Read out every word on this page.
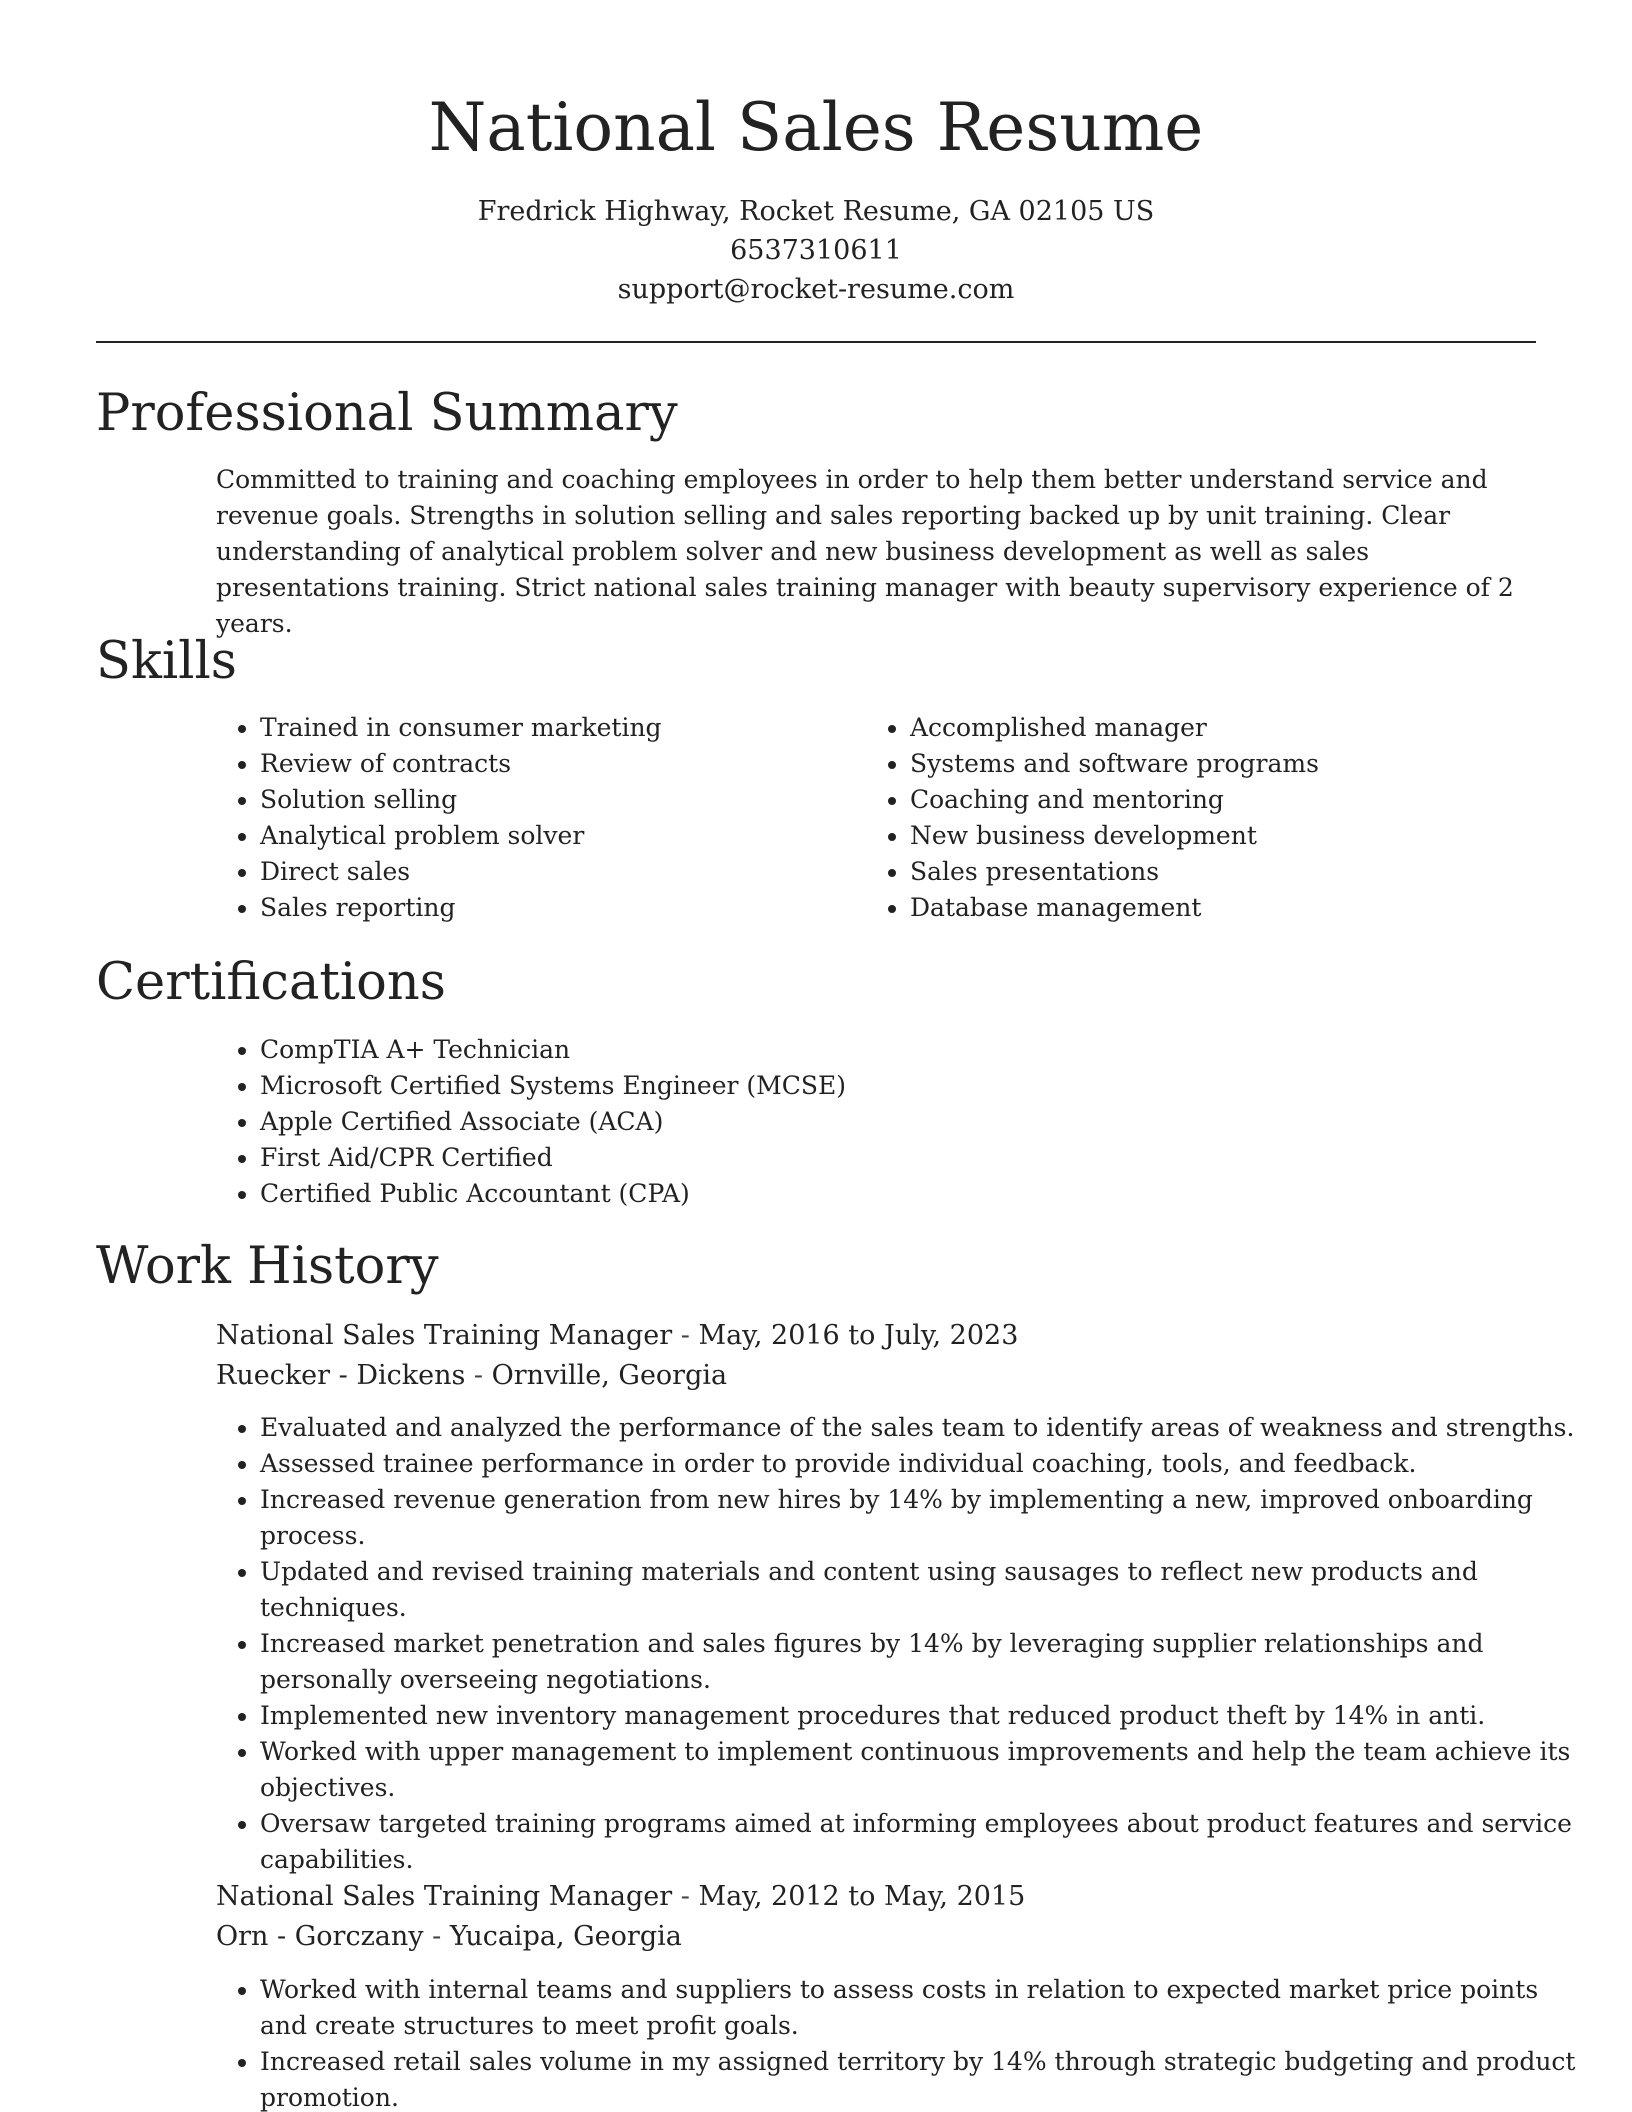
National Sales Resume
Fredrick Highway, Rocket Resume, GA 02105 US
6537310611
support@rocket-resume.com
Professional Summary
Committed to training and coaching employees in order to help them better understand service and revenue goals. Strengths in solution selling and sales reporting backed up by unit training. Clear understanding of analytical problem solver and new business development as well as sales presentations training. Strict national sales training manager with beauty supervisory experience of 2 years.
Skills
• Trained in consumer marketing
• Review of contracts
• Solution selling
• Analytical problem solver
• Direct sales
• Sales reporting
• Accomplished manager
• Systems and software programs
• Coaching and mentoring
• New business development
• Sales presentations
• Database management
Certifications
• CompTIA A+ Technician
• Microsoft Certified Systems Engineer (MCSE)
• Apple Certified Associate (ACA)
• First Aid/CPR Certified
• Certified Public Accountant (CPA)
Work History
National Sales Training Manager - May, 2016 to July, 2023
Ruecker - Dickens - Ornville, Georgia
• Evaluated and analyzed the performance of the sales team to identify areas of weakness and strengths.
• Assessed trainee performance in order to provide individual coaching, tools, and feedback.
• Increased revenue generation from new hires by 14% by implementing a new, improved onboarding process.
• Updated and revised training materials and content using sausages to reflect new products and techniques.
• Increased market penetration and sales figures by 14% by leveraging supplier relationships and personally overseeing negotiations.
• Implemented new inventory management procedures that reduced product theft by 14% in anti.
• Worked with upper management to implement continuous improvements and help the team achieve its objectives.
• Oversaw targeted training programs aimed at informing employees about product features and service capabilities.
National Sales Training Manager - May, 2012 to May, 2015
Orn - Gorczany - Yucaipa, Georgia
• Worked with internal teams and suppliers to assess costs in relation to expected market price points and create structures to meet profit goals.
• Increased retail sales volume in my assigned territory by 14% through strategic budgeting and product promotion.
